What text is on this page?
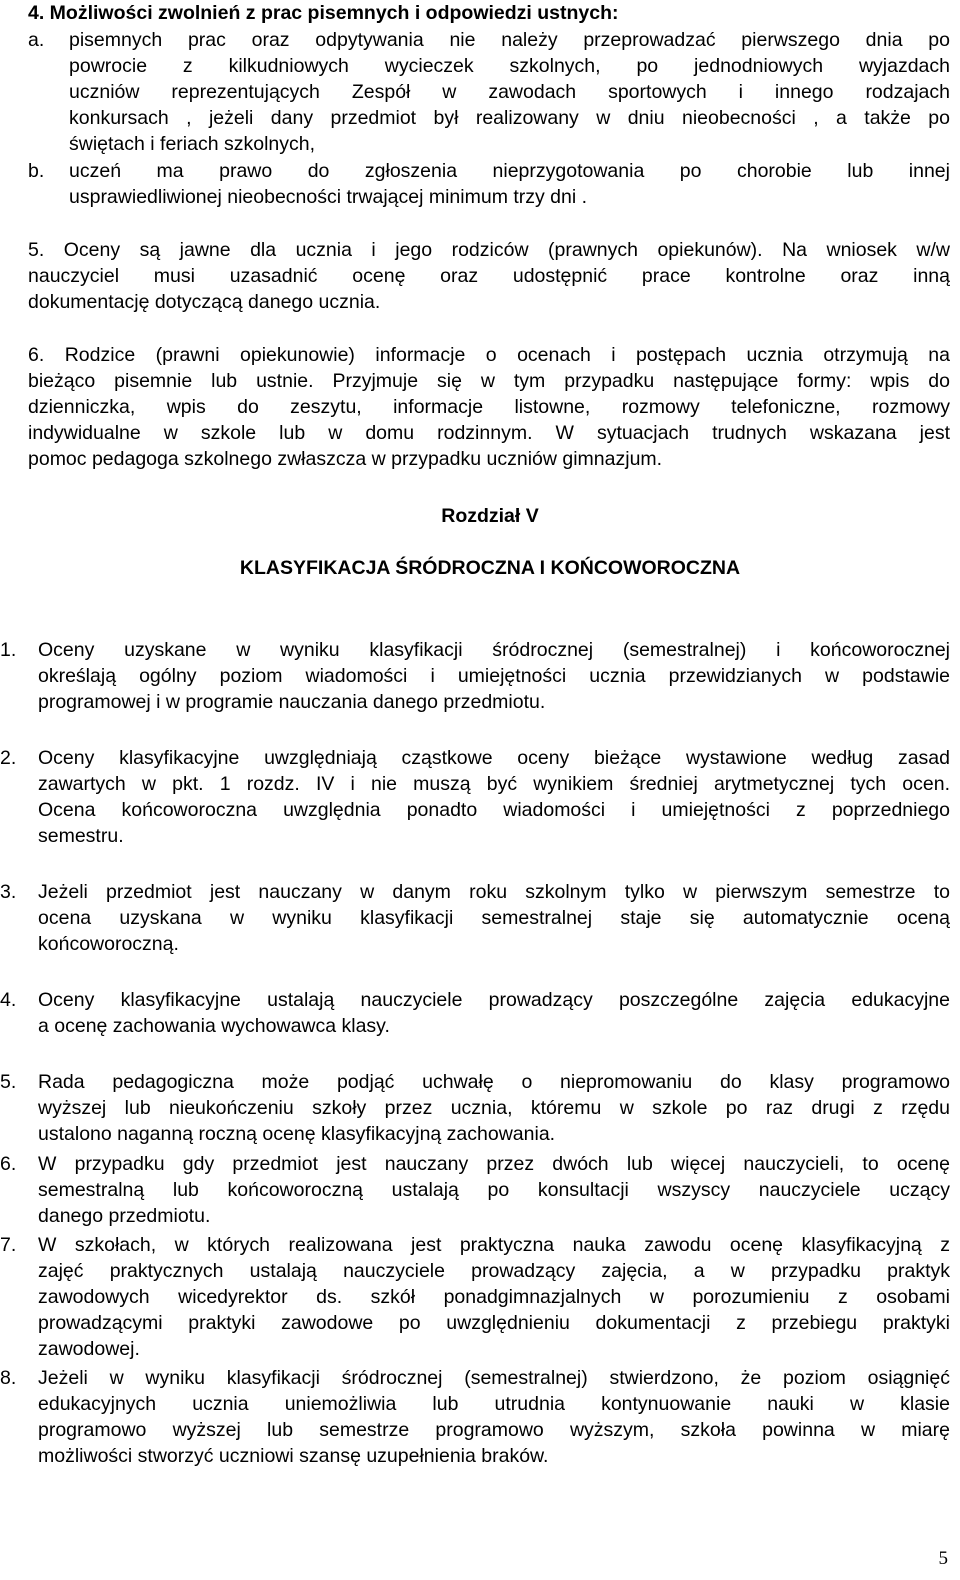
4. Możliwości zwolnień z prac pisemnych i odpowiedzi ustnych:
a. pisemnych prac oraz odpytywania nie należy przeprowadzać pierwszego dnia po
powrocie z kilkudniowych wycieczek szkolnych, po jednodniowych wyjazdach
uczniów reprezentujących Zespół w zawodach sportowych i innego rodzajach
konkursach , jeżeli dany przedmiot był realizowany w dniu nieobecności , a także po
świętach i feriach szkolnych,
b. uczeń ma prawo do zgłoszenia nieprzygotowania po chorobie lub innej
usprawiedliwionej nieobecności trwającej minimum trzy dni .
5. Oceny są jawne dla ucznia i jego rodziców (prawnych opiekunów). Na wniosek w/w
nauczyciel musi uzasadnić ocenę oraz udostępnić prace kontrolne oraz inną
dokumentację dotyczącą danego ucznia.
6. Rodzice (prawni opiekunowie) informacje o ocenach i postępach ucznia otrzymują na
bieżąco pisemnie lub ustnie. Przyjmuje się w tym przypadku następujące formy: wpis do
dzienniczka, wpis do zeszytu, informacje listowne, rozmowy telefoniczne, rozmowy
indywidualne w szkole lub w domu rodzinnym. W sytuacjach trudnych wskazana jest
pomoc pedagoga szkolnego zwłaszcza w przypadku uczniów gimnazjum.
Rozdział V
KLASYFIKACJA ŚRÓDROCZNA I KOŃCOWOROCZNA
1. Oceny uzyskane w wyniku klasyfikacji śródrocznej (semestralnej) i końcoworocznej
określają ogólny poziom wiadomości i umiejętności ucznia przewidzianych w podstawie
programowej i w programie nauczania danego przedmiotu.
2. Oceny klasyfikacyjne uwzględniają cząstkowe oceny bieżące wystawione według zasad
zawartych w pkt. 1 rozdz. IV i nie muszą być wynikiem średniej arytmetycznej tych ocen.
Ocena końcoworoczna uwzględnia ponadto wiadomości i umiejętności z poprzedniego
semestru.
3. Jeżeli przedmiot jest nauczany w danym roku szkolnym tylko w pierwszym semestrze to
ocena uzyskana w wyniku klasyfikacji semestralnej staje się automatycznie oceną
końcoworoczną.
4. Oceny klasyfikacyjne ustalają nauczyciele prowadzący poszczególne zajęcia edukacyjne
a ocenę zachowania wychowawca klasy.
5. Rada pedagogiczna może podjąć uchwałę o niepromowaniu do klasy programowo
wyższej lub nieukończeniu szkoły przez ucznia, któremu w szkole po raz drugi z rzędu
ustalono naganną roczną ocenę klasyfikacyjną zachowania.
6. W przypadku gdy przedmiot jest nauczany przez dwóch lub więcej nauczycieli, to ocenę
semestralną lub końcoworoczną ustalają po konsultacji wszyscy nauczyciele uczący
danego przedmiotu.
7. W szkołach, w których realizowana jest praktyczna nauka zawodu ocenę klasyfikacyjną z
zajęć praktycznych ustalają nauczyciele prowadzący zajęcia, a w przypadku praktyk
zawodowych wicedyrektor ds. szkół ponadgimnazjalnych w porozumieniu z osobami
prowadzącymi praktyki zawodowe po uwzględnieniu dokumentacji z przebiegu praktyki
zawodowej.
8. Jeżeli w wyniku klasyfikacji śródrocznej (semestralnej) stwierdzono, że poziom osiągnięć
edukacyjnych ucznia uniemożliwia lub utrudnia kontynuowanie nauki w klasie
programowo wyższej lub semestrze programowo wyższym, szkoła powinna w miarę
możliwości stworzyć uczniowi szansę uzupełnienia braków.
5
